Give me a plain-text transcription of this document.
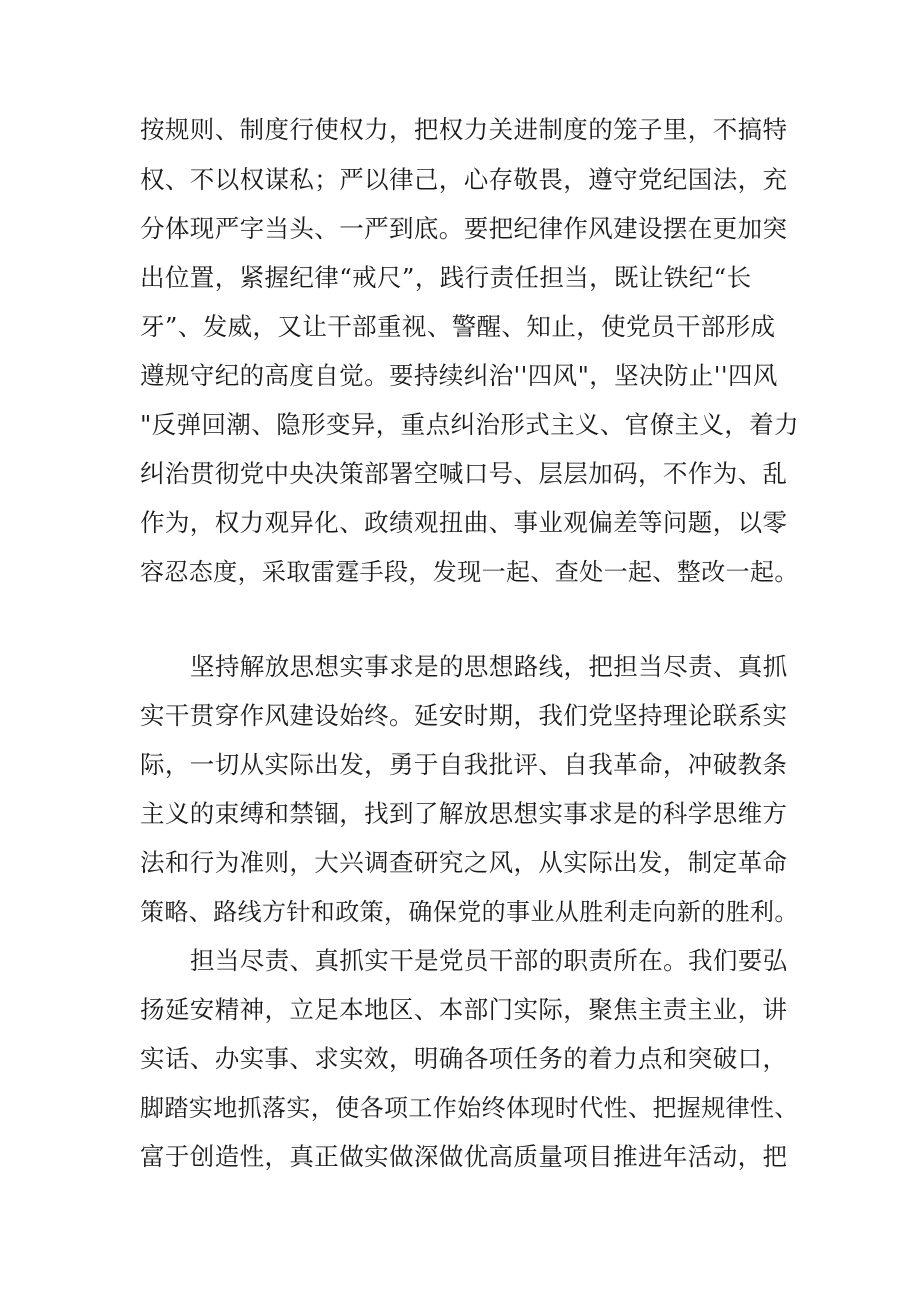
按规则、制度行使权力，把权力关进制度的笼子里，不搞特
权、不以权谋私；严以律己，心存敬畏，遵守党纪国法，充
分体现严字当头、一严到底。要把纪律作风建设摆在更加突
出位置，紧握纪律“戒尺”，践行责任担当，既让铁纪“长
牙”、发威，又让干部重视、警醒、知止，使党员干部形成
遵规守纪的高度自觉。要持续纠治''四风"，坚决防止''四风
"反弹回潮、隐形变异，重点纠治形式主义、官僚主义，着力
纠治贯彻党中央决策部署空喊口号、层层加码，不作为、乱
作为，权力观异化、政绩观扭曲、事业观偏差等问题，以零
容忍态度，采取雷霆手段，发现一起、查处一起、整改一起。
坚持解放思想实事求是的思想路线，把担当尽责、真抓
实干贯穿作风建设始终。延安时期，我们党坚持理论联系实
际，一切从实际出发，勇于自我批评、自我革命，冲破教条
主义的束缚和禁锢，找到了解放思想实事求是的科学思维方
法和行为准则，大兴调查研究之风，从实际出发，制定革命
策略、路线方针和政策，确保党的事业从胜利走向新的胜利。
担当尽责、真抓实干是党员干部的职责所在。我们要弘
扬延安精神，立足本地区、本部门实际，聚焦主责主业，讲
实话、办实事、求实效，明确各项任务的着力点和突破口，
脚踏实地抓落实，使各项工作始终体现时代性、把握规律性、
富于创造性，真正做实做深做优高质量项目推进年活动，把
